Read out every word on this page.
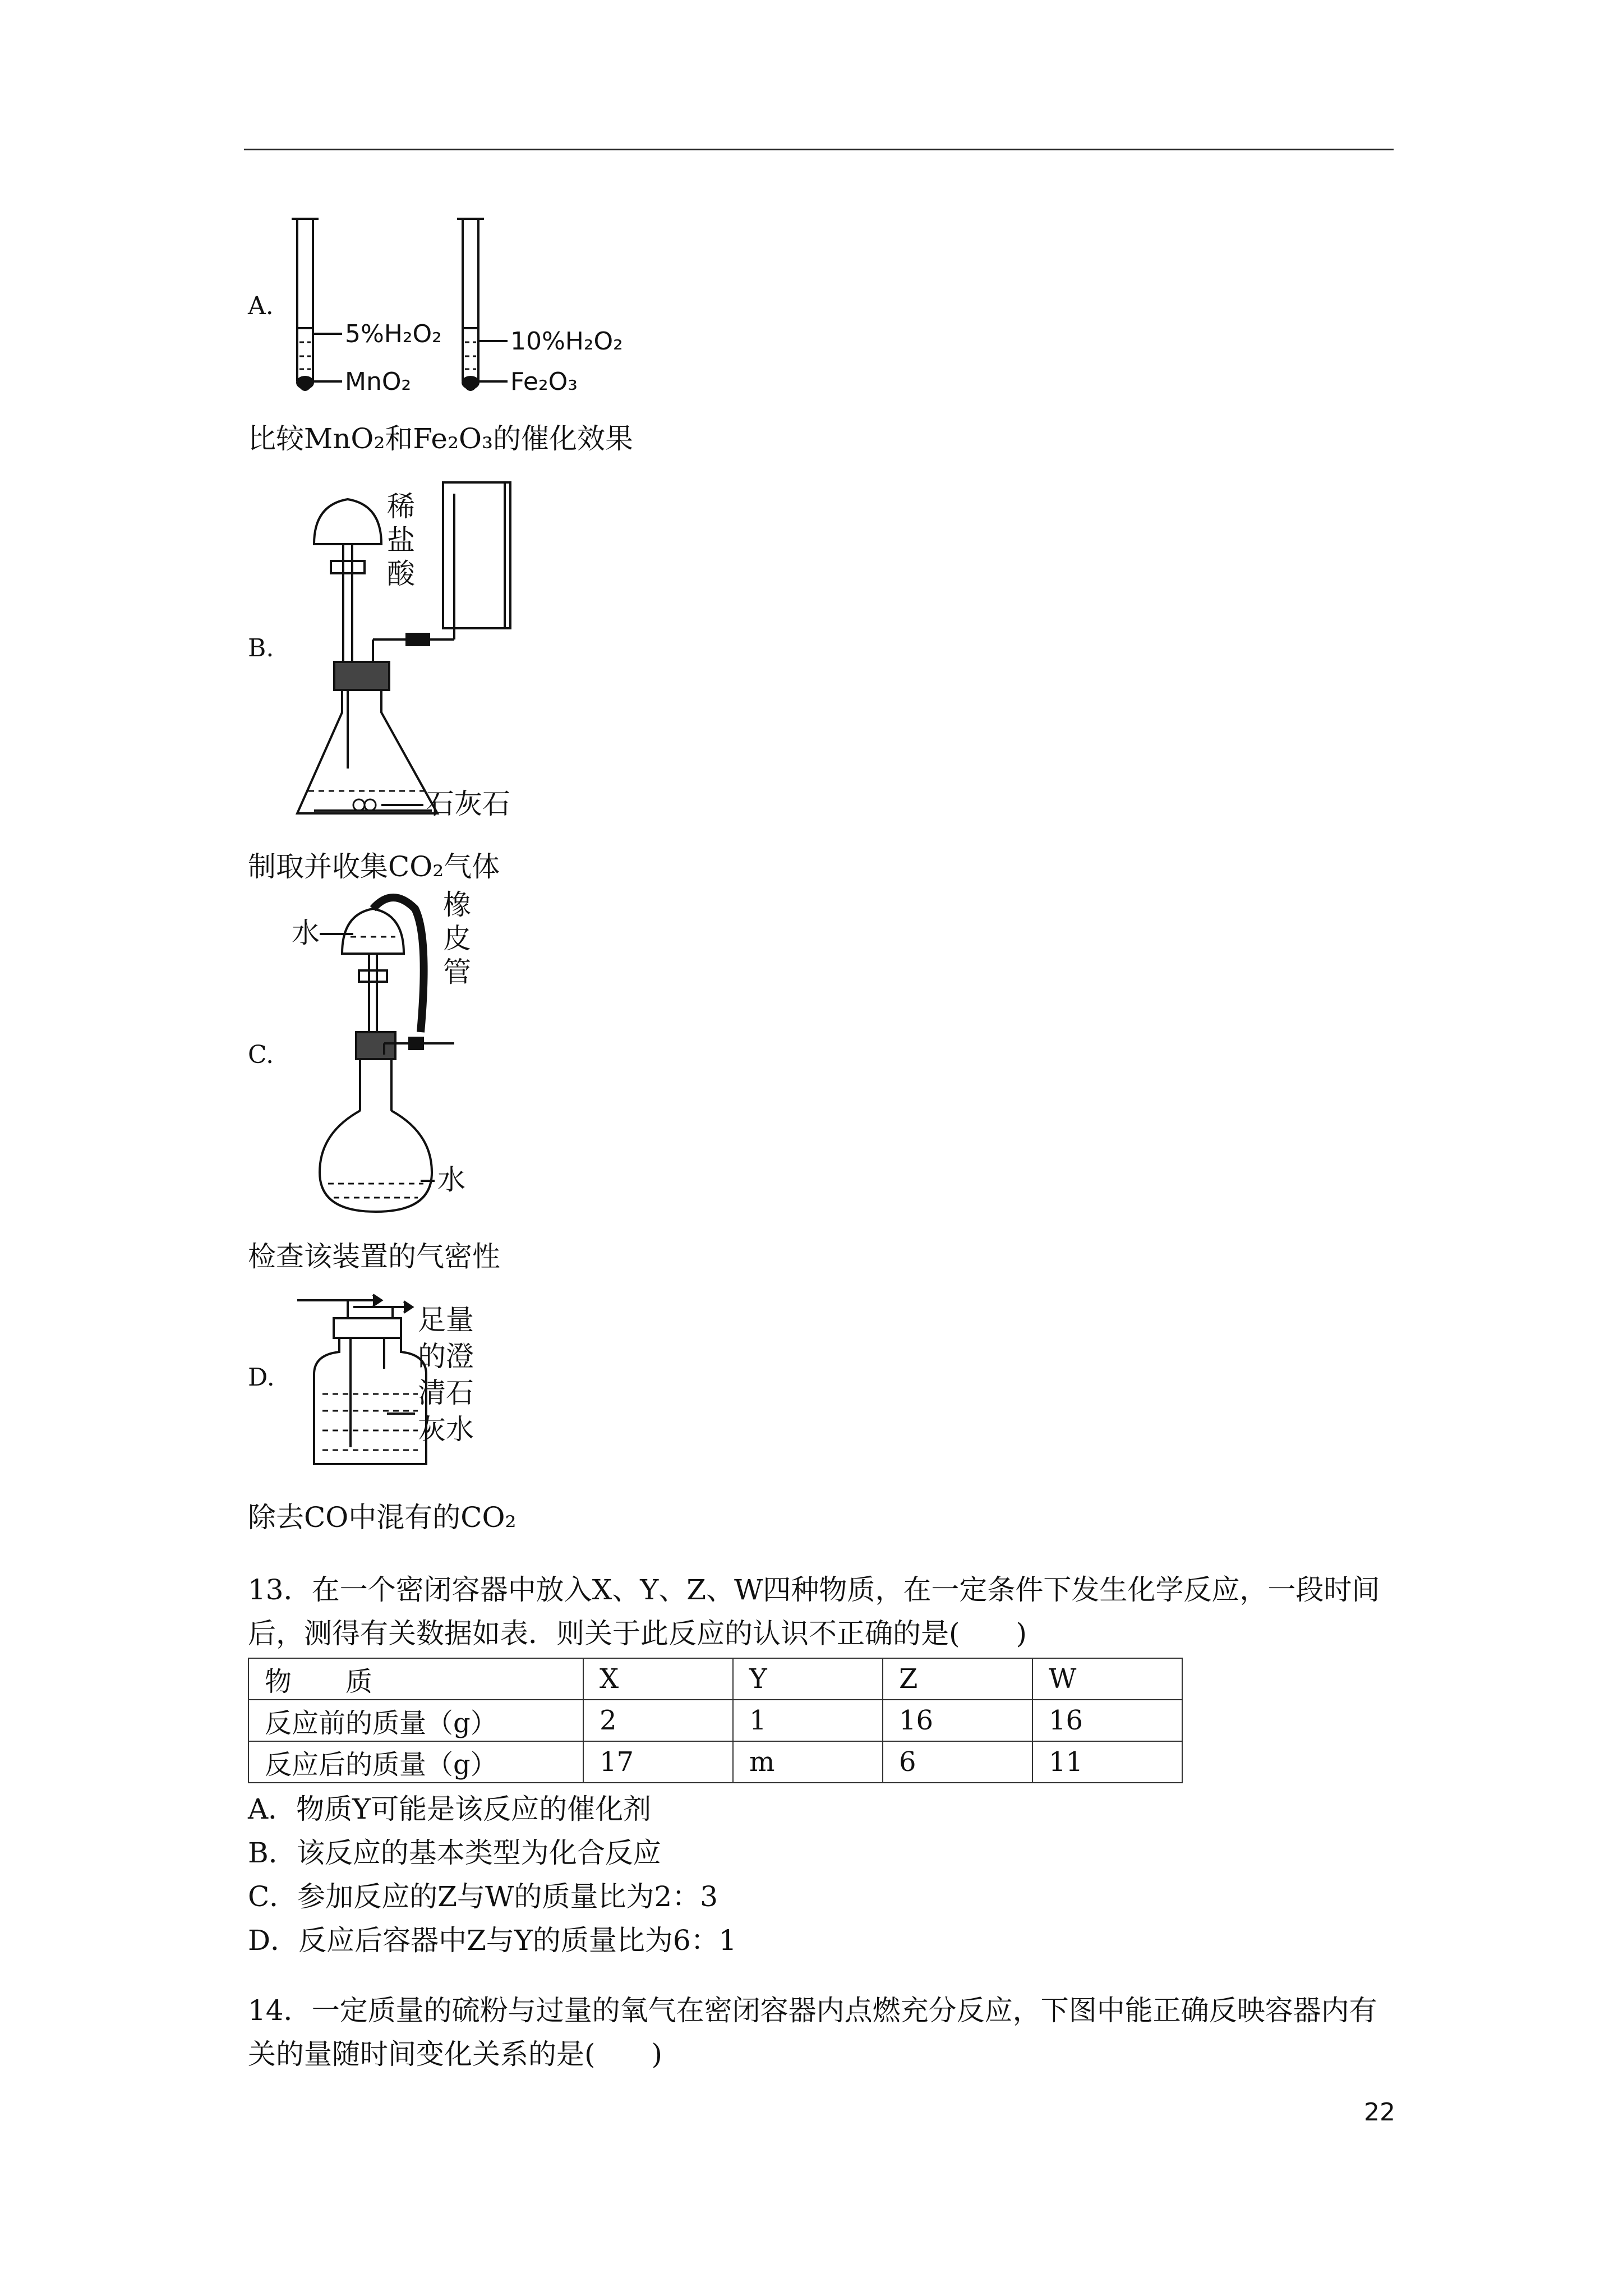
A.
5%H₂O₂
MnO₂
10%H₂O₂
Fe₂O₃
比较MnO₂和Fe₂O₃的催化效果
B.
稀
盐
酸
石灰石
制取并收集CO₂气体
C.
水
橡
皮
管
水
检查该装置的气密性
D.
足量
的澄
清石
灰水
除去CO中混有的CO₂
13．在一个密闭容器中放入X、Y、Z、W四种物质，在一定条件下发生化学反应，一段时间后，测得有关数据如表．则关于此反应的认识不正确的是(　　)
物　　质	X	Y	Z	W
反应前的质量（g）	2	1	16	16
反应后的质量（g）	17	m	6	11
A．物质Y可能是该反应的催化剂
B．该反应的基本类型为化合反应
C．参加反应的Z与W的质量比为2：3
D．反应后容器中Z与Y的质量比为6：1
14．一定质量的硫粉与过量的氧气在密闭容器内点燃充分反应，下图中能正确反映容器内有关的量随时间变化关系的是(　　)
22
